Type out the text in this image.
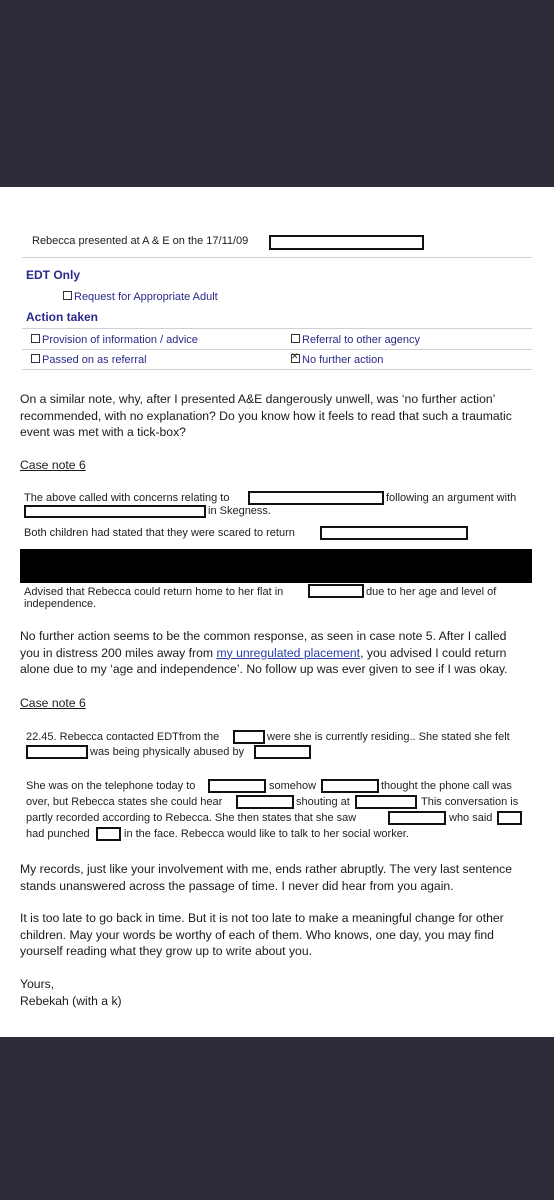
Rebecca presented at A & E on the 17/11/09
EDT Only
Request for Appropriate Adult
Action taken
Provision of information / advice	Referral to other agency
Passed on as referral
✕	No further action
On a similar note, why, after I presented A&E dangerously unwell, was ‘no further action’
recommended, with no explanation? Do you know how it feels to read that such a traumatic
event was met with a tick-box?
Case note 6
The above called with concerns relating to	following an argument with
in Skegness.
Both children had stated that they were scared to return
Advised that Rebecca could return home to her flat in	due to her age and level of
independence.
No further action seems to be the common response, as seen in case note 5. After I called
you in distress 200 miles away from my unregulated placement, you advised I could return
alone due to my ‘age and independence’. No follow up was ever given to see if I was okay.
Case note 6
22.45. Rebecca contacted EDTfrom the	were she is currently residing.. She stated she felt
was being physically abused by
She was on the telephone today to	somehow	thought the phone call was
over, but Rebecca states she could hear	shouting at	This conversation is
partly recorded according to Rebecca. She then states that she saw	who said
had punched	in the face. Rebecca would like to talk to her social worker.
My records, just like your involvement with me, ends rather abruptly. The very last sentence
stands unanswered across the passage of time. I never did hear from you again.
It is too late to go back in time. But it is not too late to make a meaningful change for other
children. May your words be worthy of each of them. Who knows, one day, you may find
yourself reading what they grow up to write about you.
Yours,
Rebekah (with a k)
